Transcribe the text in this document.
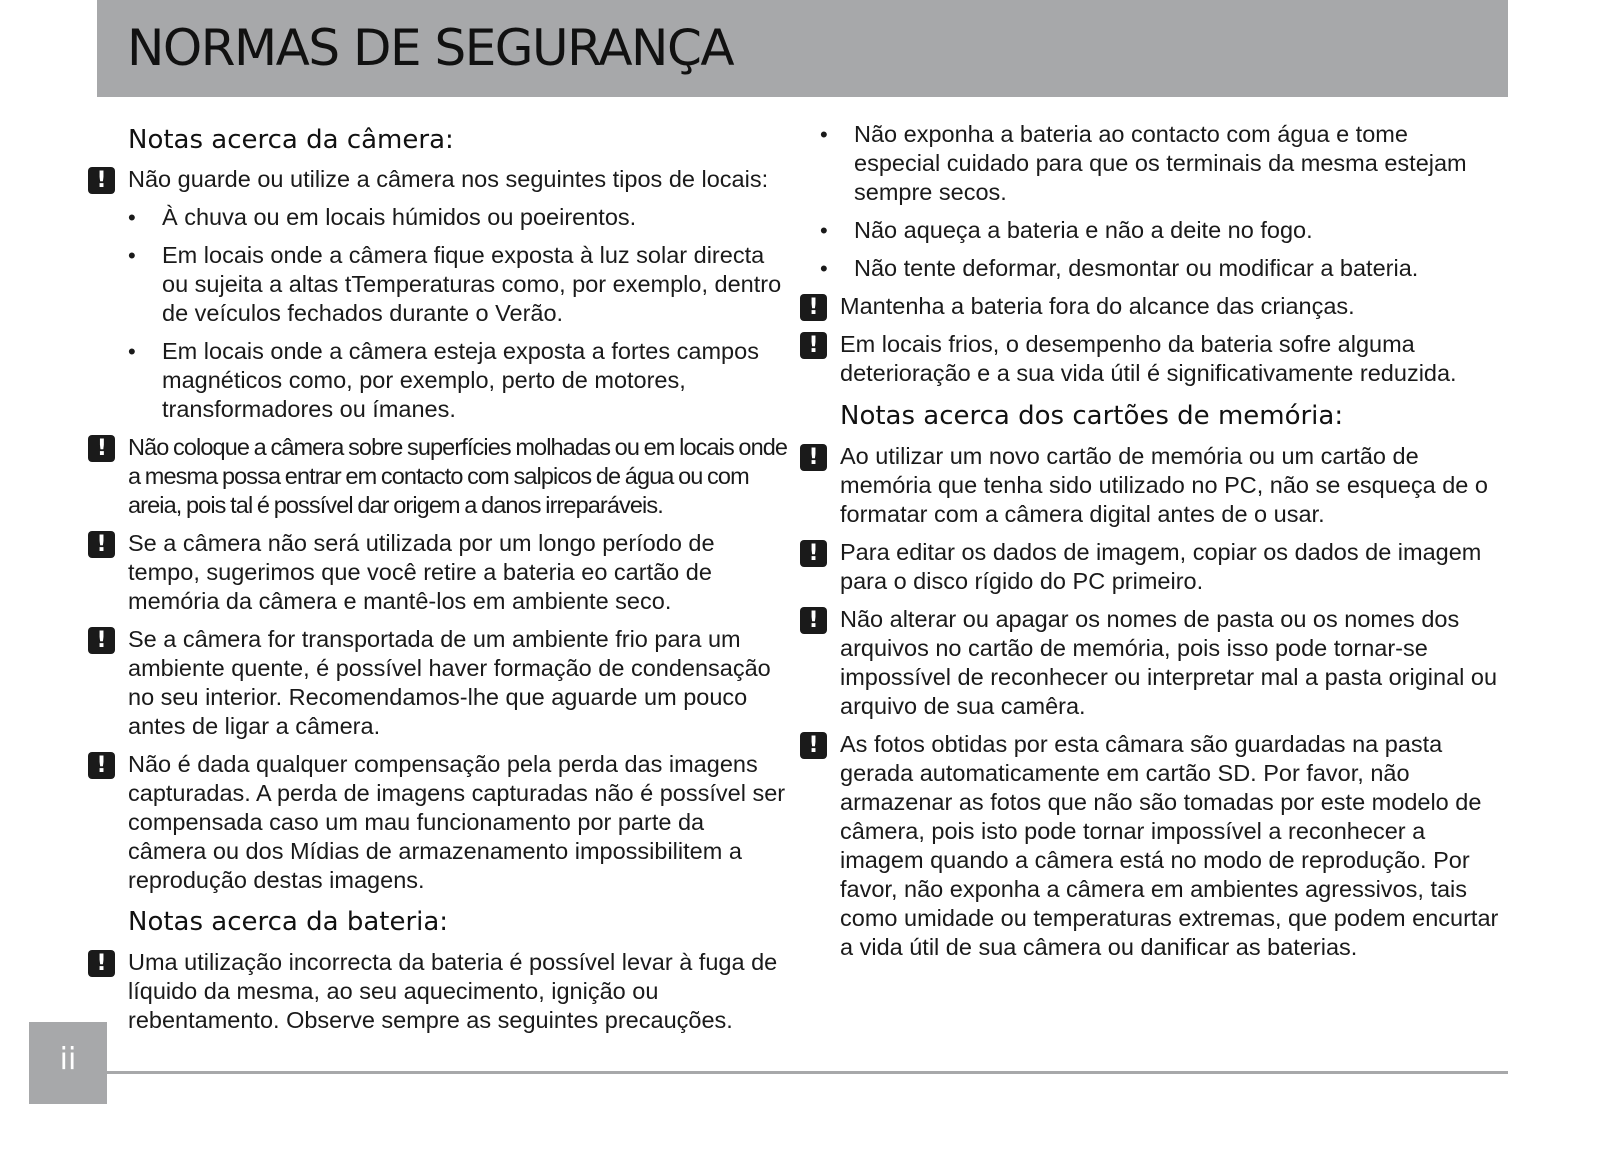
NORMAS DE SEGURANÇA
Notas acerca da câmera:
! Não guarde ou utilize a câmera nos seguintes tipos de locais:
• À chuva ou em locais húmidos ou poeirentos.
• Em locais onde a câmera fique exposta à luz solar directa ou sujeita a altas tTemperaturas como, por exemplo, dentro de veículos fechados durante o Verão.
• Em locais onde a câmera esteja exposta a fortes campos magnéticos como, por exemplo, perto de motores, transformadores ou ímanes.
! Não coloque a câmera sobre superfícies molhadas ou em locais onde a mesma possa entrar em contacto com salpicos de água ou com areia, pois tal é possível dar origem a danos irreparáveis.
! Se a câmera não será utilizada por um longo período de tempo, sugerimos que você retire a bateria eo cartão de memória da câmera e mantê-los em ambiente seco.
! Se a câmera for transportada de um ambiente frio para um ambiente quente, é possível haver formação de condensação no seu interior. Recomendamos-lhe que aguarde um pouco antes de ligar a câmera.
! Não é dada qualquer compensação pela perda das imagens capturadas. A perda de imagens capturadas não é possível ser compensada caso um mau funcionamento por parte da câmera ou dos Mídias de armazenamento impossibilitem a reprodução destas imagens.
Notas acerca da bateria:
! Uma utilização incorrecta da bateria é possível levar à fuga de líquido da mesma, ao seu aquecimento, ignição ou rebentamento. Observe sempre as seguintes precauções.
• Não exponha a bateria ao contacto com água e tome especial cuidado para que os terminais da mesma estejam sempre secos.
• Não aqueça a bateria e não a deite no fogo.
• Não tente deformar, desmontar ou modificar a bateria.
! Mantenha a bateria fora do alcance das crianças.
! Em locais frios, o desempenho da bateria sofre alguma deterioração e a sua vida útil é significativamente reduzida.
Notas acerca dos cartões de memória:
! Ao utilizar um novo cartão de memória ou um cartão de memória que tenha sido utilizado no PC, não se esqueça de o formatar com a câmera digital antes de o usar.
! Para editar os dados de imagem, copiar os dados de imagem para o disco rígido do PC primeiro.
! Não alterar ou apagar os nomes de pasta ou os nomes dos arquivos no cartão de memória, pois isso pode tornar-se impossível de reconhecer ou interpretar mal a pasta original ou arquivo de sua camêra.
! As fotos obtidas por esta câmara são guardadas na pasta gerada automaticamente em cartão SD. Por favor, não armazenar as fotos que não são tomadas por este modelo de câmera, pois isto pode tornar impossível a reconhecer a imagem quando a câmera está no modo de reprodução. Por favor, não exponha a câmera em ambientes agressivos, tais como umidade ou temperaturas extremas, que podem encurtar a vida útil de sua câmera ou danificar as baterias.
ii
